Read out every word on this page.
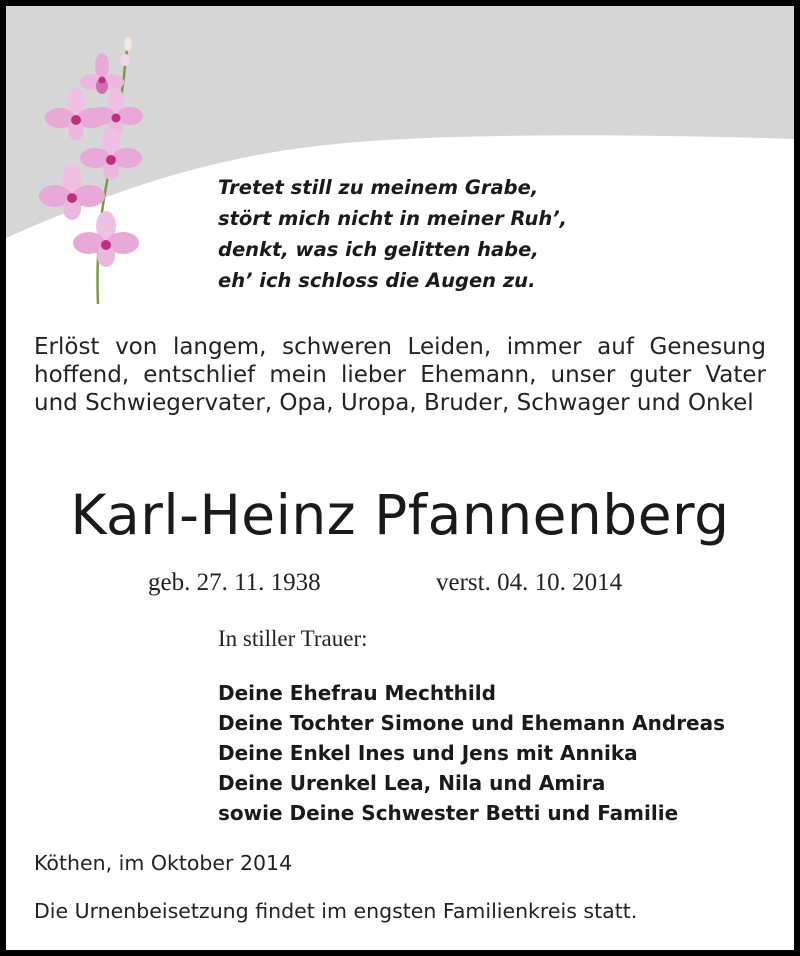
Tretet still zu meinem Grabe,
stört mich nicht in meiner Ruh’,
denkt, was ich gelitten habe,
eh’ ich schloss die Augen zu.
Erlöst von langem, schweren Leiden, immer auf Genesung hoffend, entschlief mein lieber Ehemann, unser guter Vater und Schwiegervater, Opa, Uropa, Bruder, Schwager und Onkel
Karl-Heinz Pfannenberg
geb. 27. 11. 1938	verst. 04. 10. 2014
In stiller Trauer:
Deine Ehefrau Mechthild
Deine Tochter Simone und Ehemann Andreas
Deine Enkel Ines und Jens mit Annika
Deine Urenkel Lea, Nila und Amira
sowie Deine Schwester Betti und Familie
Köthen, im Oktober 2014
Die Urnenbeisetzung findet im engsten Familienkreis statt.
